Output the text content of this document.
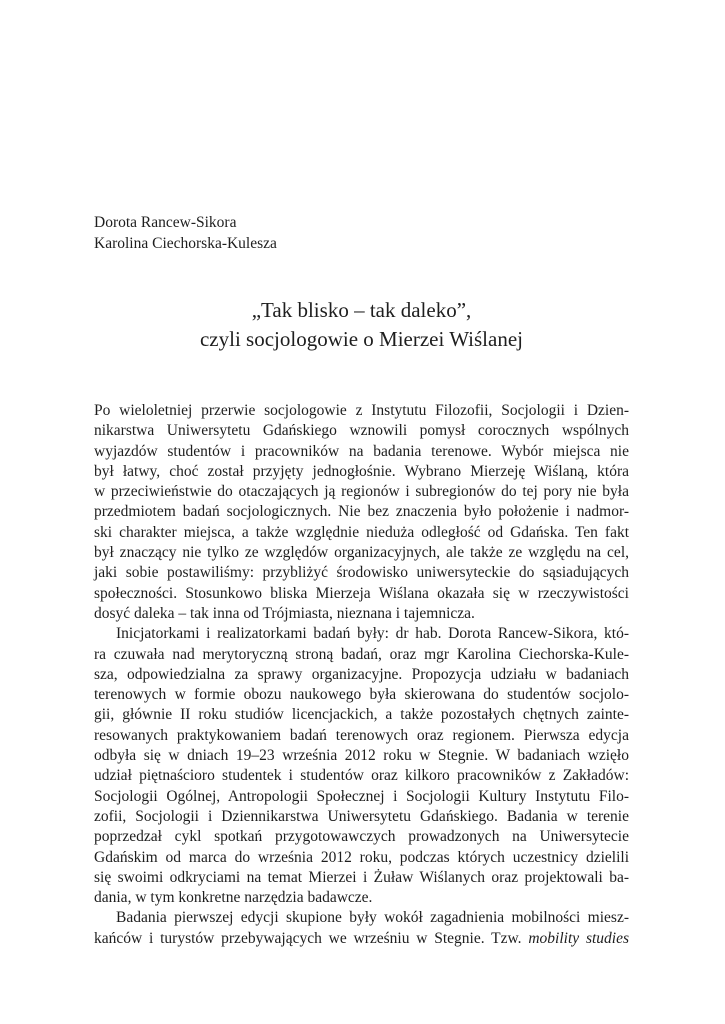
Dorota Rancew-Sikora
Karolina Ciechorska-Kulesza
„Tak blisko – tak daleko”,
czyli socjologowie o Mierzei Wiślanej
Po wieloletniej przerwie socjologowie z Instytutu Filozofii, Socjologii i Dzien-
nikarstwa Uniwersytetu Gdańskiego wznowili pomysł corocznych wspólnych
wyjazdów studentów i pracowników na badania terenowe. Wybór miejsca nie
był łatwy, choć został przyjęty jednogłośnie. Wybrano Mierzeję Wiślaną, która
w przeciwieństwie do otaczających ją regionów i subregionów do tej pory nie była
przedmiotem badań socjologicznych. Nie bez znaczenia było położenie i nadmor-
ski charakter miejsca, a także względnie nieduża odległość od Gdańska. Ten fakt
był znaczący nie tylko ze względów organizacyjnych, ale także ze względu na cel,
jaki sobie postawiliśmy: przybliżyć środowisko uniwersyteckie do sąsiadujących
społeczności. Stosunkowo bliska Mierzeja Wiślana okazała się w rzeczywistości
dosyć daleka – tak inna od Trójmiasta, nieznana i tajemnicza.
Inicjatorkami i realizatorkami badań były: dr hab. Dorota Rancew-Sikora, któ-
ra czuwała nad merytoryczną stroną badań, oraz mgr Karolina Ciechorska-Kule-
sza, odpowiedzialna za sprawy organizacyjne. Propozycja udziału w badaniach
terenowych w formie obozu naukowego była skierowana do studentów socjolo-
gii, głównie II roku studiów licencjackich, a także pozostałych chętnych zainte-
resowanych praktykowaniem badań terenowych oraz regionem. Pierwsza edycja
odbyła się w dniach 19–23 września 2012 roku w Stegnie. W badaniach wzięło
udział piętnaścioro studentek i studentów oraz kilkoro pracowników z Zakładów:
Socjologii Ogólnej, Antropologii Społecznej i Socjologii Kultury Instytutu Filo-
zofii, Socjologii i Dziennikarstwa Uniwersytetu Gdańskiego. Badania w terenie
poprzedzał cykl spotkań przygotowawczych prowadzonych na Uniwersytecie
Gdańskim od marca do września 2012 roku, podczas których uczestnicy dzielili
się swoimi odkryciami na temat Mierzei i Żuław Wiślanych oraz projektowali ba-
dania, w tym konkretne narzędzia badawcze.
Badania pierwszej edycji skupione były wokół zagadnienia mobilności miesz-
kańców i turystów przebywających we wrześniu w Stegnie. Tzw. mobility studies
